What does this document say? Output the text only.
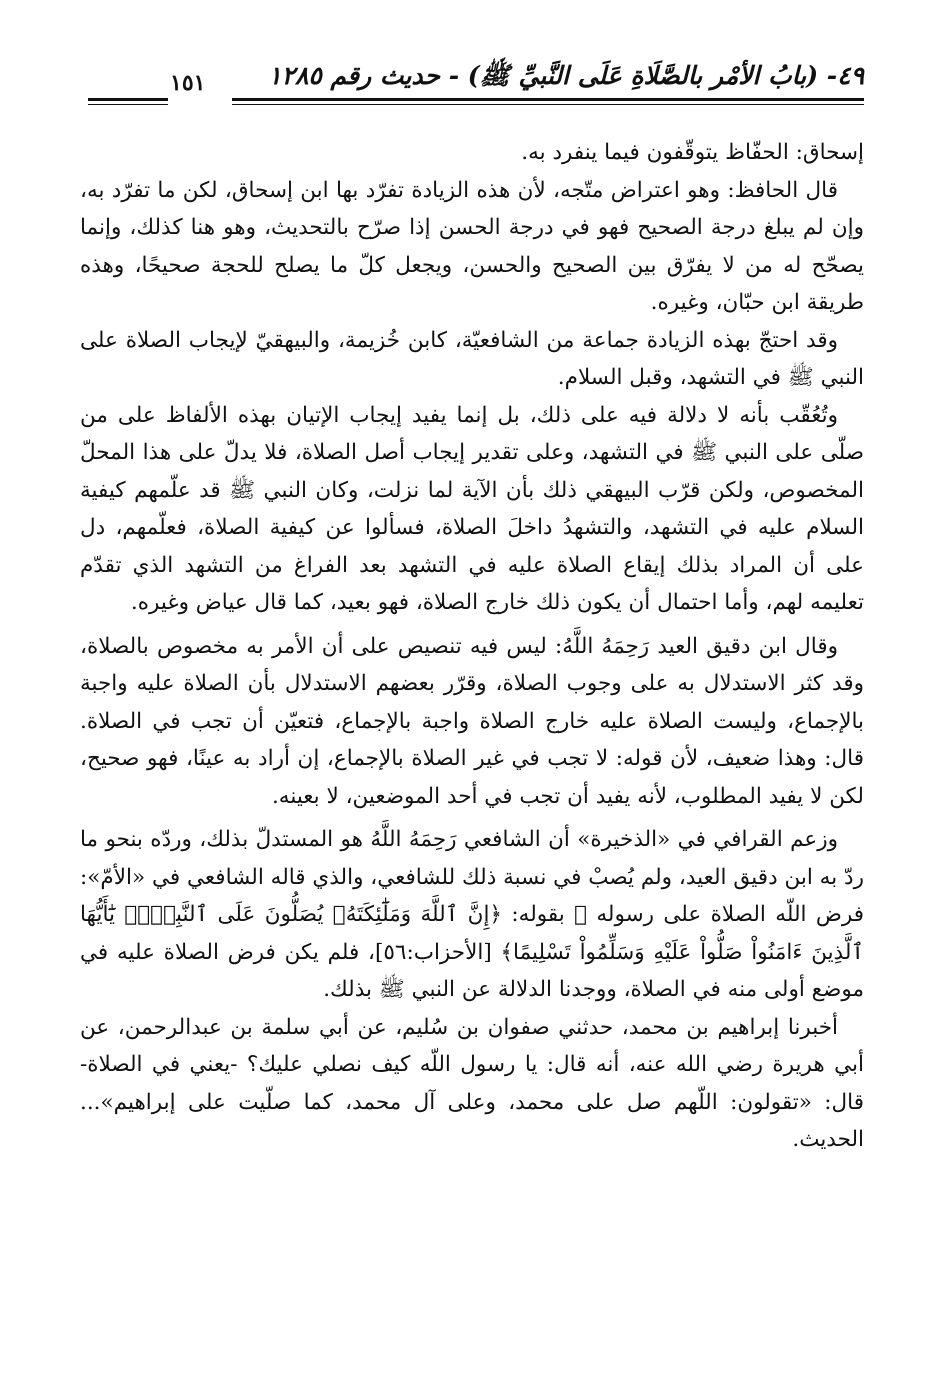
٤٩- (بابُ الأمْر بالصَّلَاةِ عَلَى النَّبيِّ ﷺ) - حديث رقم ١٢٨٥
١٥١

إسحاق: الحفّاظ يتوقّفون فيما ينفرد به.

قال الحافظ: وهو اعتراض متّجه، لأن هذه الزيادة تفرّد بها ابن إسحاق، لكن ما تفرّد به، وإن لم يبلغ درجة الصحيح فهو في درجة الحسن إذا صرّح بالتحديث، وهو هنا كذلك، وإنما يصحّح له من لا يفرّق بين الصحيح والحسن، ويجعل كلّ ما يصلح للحجة صحيحًا، وهذه طريقة ابن حبّان، وغيره.

وقد احتجّ بهذه الزيادة جماعة من الشافعيّة، كابن خُزيمة، والبيهقيّ لإيجاب الصلاة على النبي ﷺ في التشهد، وقبل السلام.

وتُعُقّب بأنه لا دلالة فيه على ذلك، بل إنما يفيد إيجاب الإتيان بهذه الألفاظ على من صلّى على النبي ﷺ في التشهد، وعلى تقدير إيجاب أصل الصلاة، فلا يدلّ على هذا المحلّ المخصوص، ولكن قرّب البيهقي ذلك بأن الآية لما نزلت، وكان النبي ﷺ قد علّمهم كيفية السلام عليه في التشهد، والتشهدُ داخلَ الصلاة، فسألوا عن كيفية الصلاة، فعلّمهم، دل على أن المراد بذلك إيقاع الصلاة عليه في التشهد بعد الفراغ من التشهد الذي تقدّم تعليمه لهم، وأما احتمال أن يكون ذلك خارج الصلاة، فهو بعيد، كما قال عياض وغيره.

وقال ابن دقيق العيد رَحِمَهُ اللَّهُ: ليس فيه تنصيص على أن الأمر به مخصوص بالصلاة، وقد كثر الاستدلال به على وجوب الصلاة، وقرّر بعضهم الاستدلال بأن الصلاة عليه واجبة بالإجماع، وليست الصلاة عليه خارج الصلاة واجبة بالإجماع، فتعيّن أن تجب في الصلاة. قال: وهذا ضعيف، لأن قوله: لا تجب في غير الصلاة بالإجماع، إن أراد به عينًا، فهو صحيح، لكن لا يفيد المطلوب، لأنه يفيد أن تجب في أحد الموضعين، لا بعينه.

وزعم القرافي في «الذخيرة» أن الشافعي رَحِمَهُ اللَّهُ هو المستدلّ بذلك، وردّه بنحو ما ردّ به ابن دقيق العيد، ولم يُصبْ في نسبة ذلك للشافعي، والذي قاله الشافعي في «الأمّ»: فرض اللّه الصلاة على رسوله ﷺ بقوله: ﴿إِنَّ ٱللَّهَ وَمَلَٰٓئِكَتَهُۥ يُصَلُّونَ عَلَى ٱلنَّبِيِّۚ يَٰٓأَيُّهَا ٱلَّذِينَ ءَامَنُواْ صَلُّواْ عَلَيْهِ وَسَلِّمُواْ تَسْلِيمًا﴾ [الأحزاب:٥٦]، فلم يكن فرض الصلاة عليه في موضع أولى منه في الصلاة، ووجدنا الدلالة عن النبي ﷺ بذلك.

أخبرنا إبراهيم بن محمد، حدثني صفوان بن سُليم، عن أبي سلمة بن عبدالرحمن، عن أبي هريرة رضي الله عنه، أنه قال: يا رسول اللّه كيف نصلي عليك؟ -يعني في الصلاة- قال: «تقولون: اللّهم صل على محمد، وعلى آل محمد، كما صلّيت على إبراهيم»... الحديث.
